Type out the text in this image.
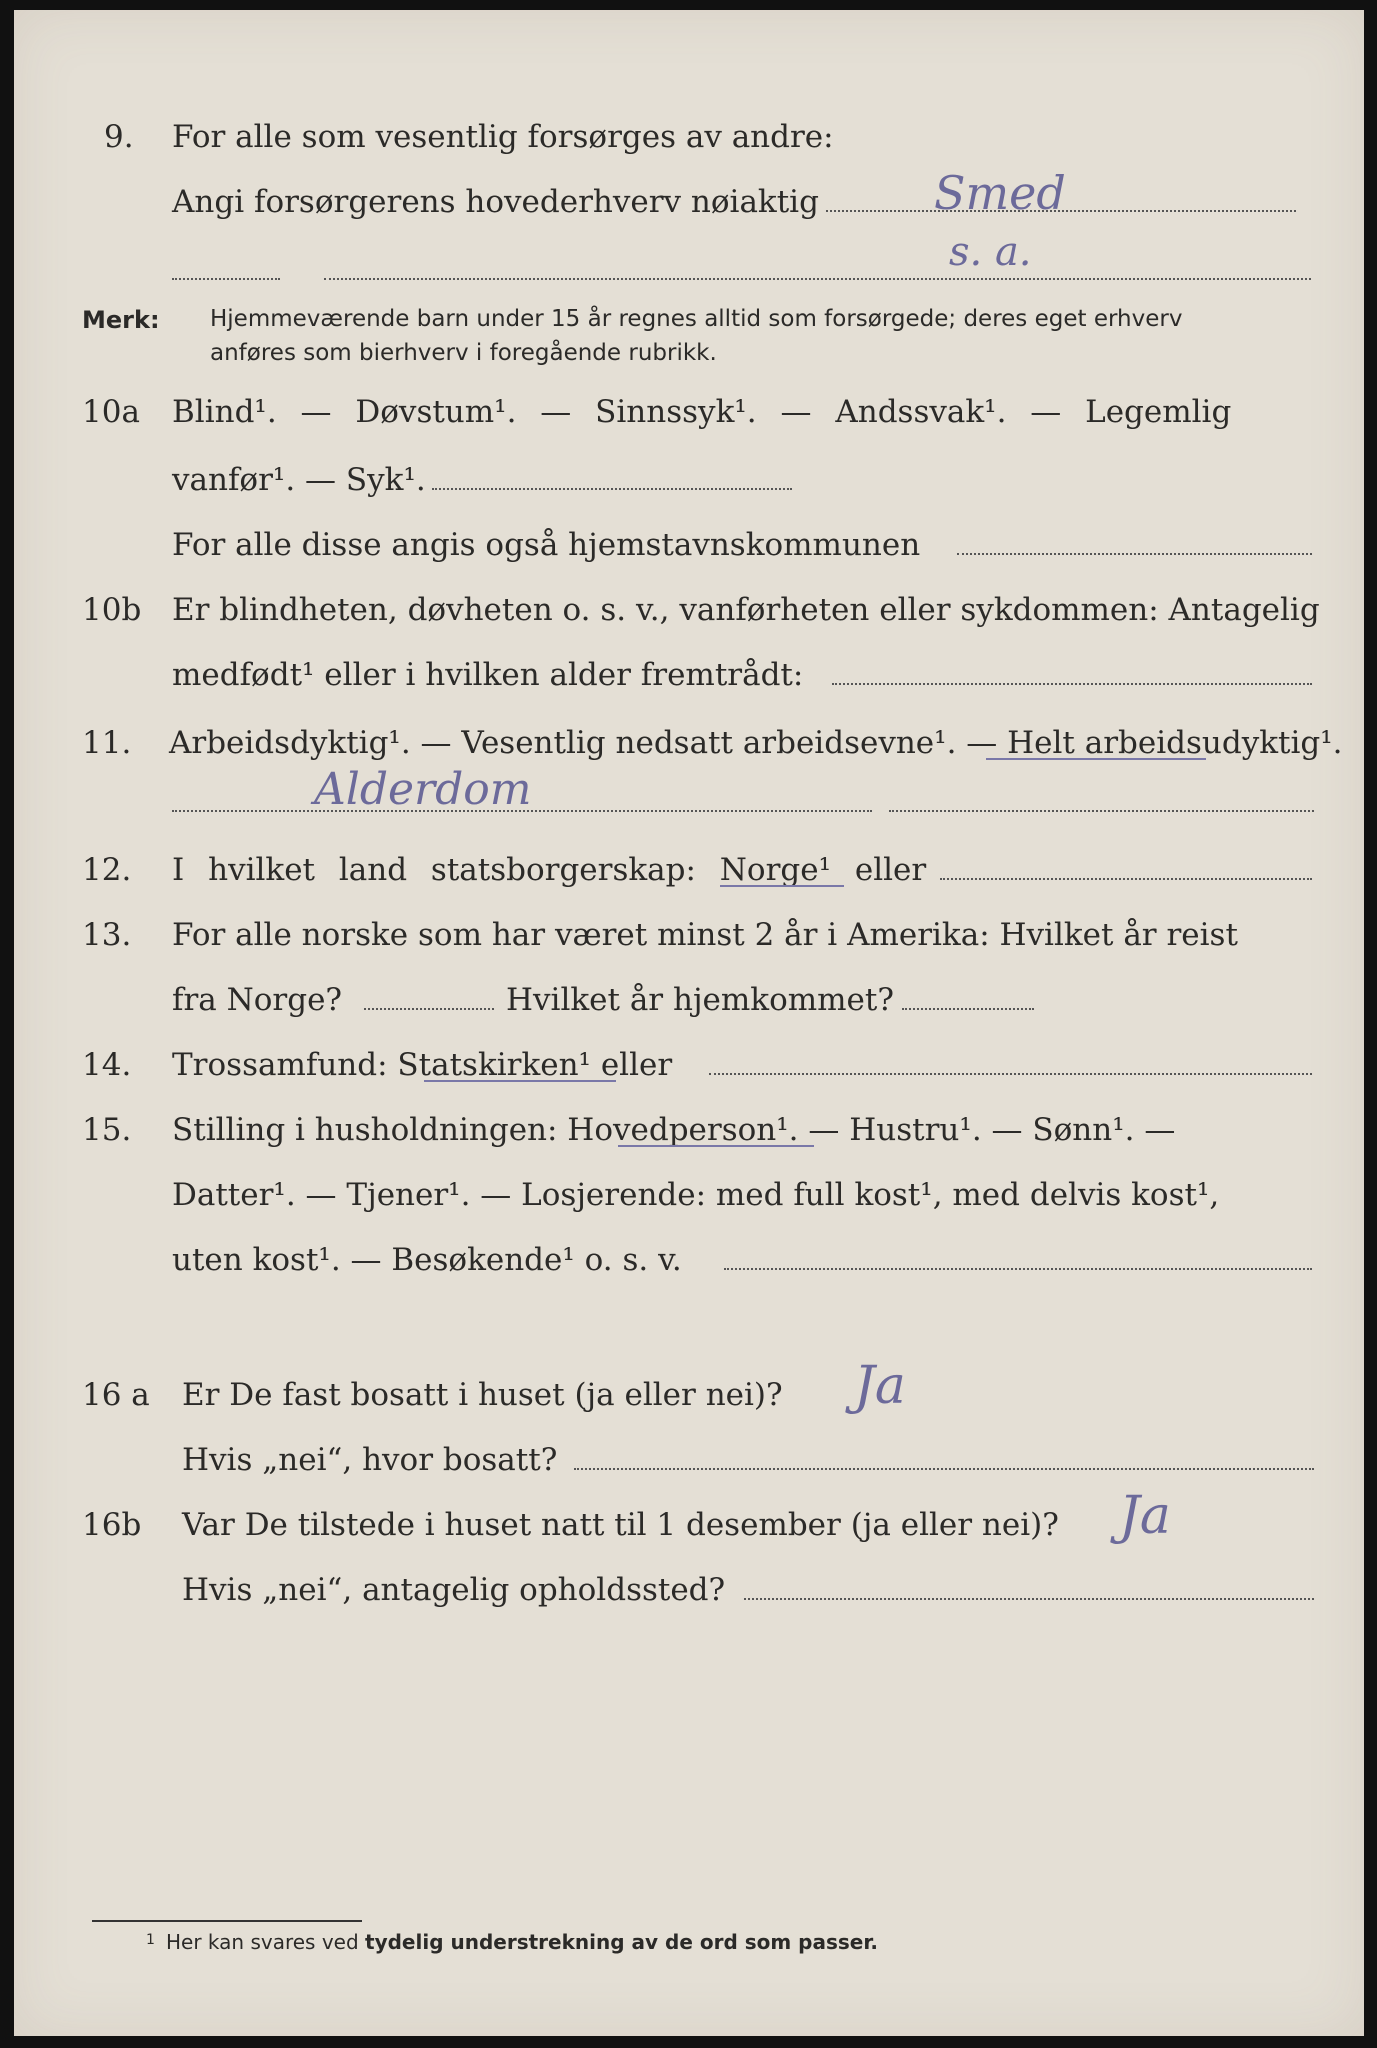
9. For alle som vesentlig forsørges av andre:
Angi forsørgerens hovederhverv nøiaktig	Smed
s. a.
Merk: Hjemmeværende barn under 15 år regnes alltid som forsørgede; deres eget erhverv
anføres som bierhverv i foregående rubrikk.
10a Blind¹. — Døvstum¹. — Sinnssyk¹. — Andssvak¹. — Legemlig
vanfør¹. — Syk¹.
For alle disse angis også hjemstavnskommunen
10b Er blindheten, døvheten o. s. v., vanførheten eller sykdommen: Antagelig
medfødt¹ eller i hvilken alder fremtrådt:
11. Arbeidsdyktig¹. — Vesentlig nedsatt arbeidsevne¹. — Helt arbeidsudyktig¹.
Alderdom
12. I hvilket land statsborgerskap: Norge¹ eller
13. For alle norske som har været minst 2 år i Amerika: Hvilket år reist
fra Norge?	Hvilket år hjemkommet?
14. Trossamfund: Statskirken¹ eller
15. Stilling i husholdningen: Hovedperson¹. — Hustru¹. — Sønn¹. —
Datter¹. — Tjener¹. — Losjerende: med full kost¹, med delvis kost¹,
uten kost¹. — Besøkende¹ o. s. v.
16 a Er De fast bosatt i huset (ja eller nei)? Ja
Hvis „nei“, hvor bosatt?
16b Var De tilstede i huset natt til 1 desember (ja eller nei)? Ja
Hvis „nei“, antagelig opholdssted?
1 Her kan svares ved tydelig understrekning av de ord som passer.
